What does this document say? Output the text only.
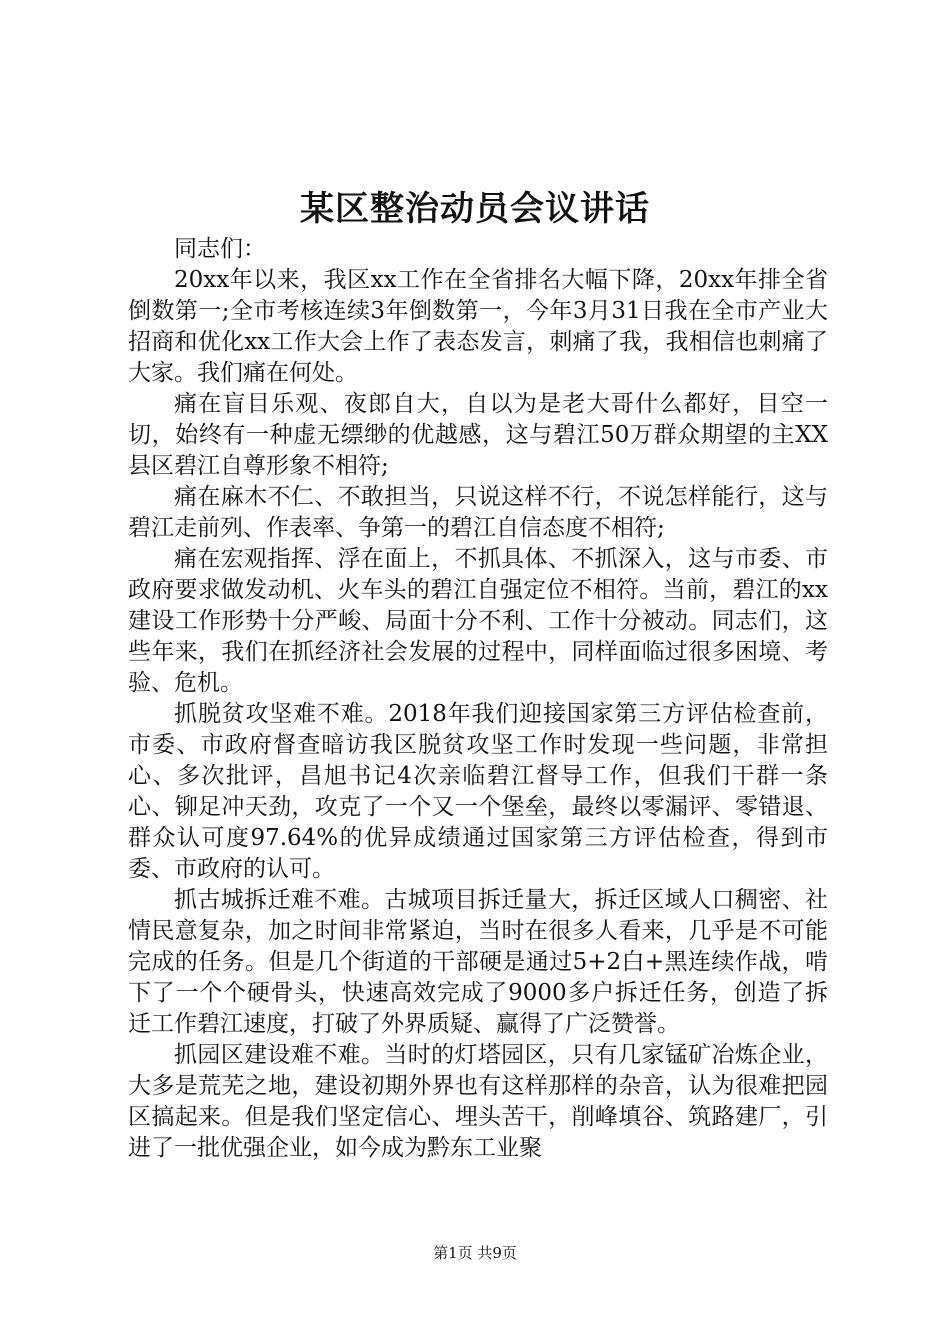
某区整治动员会议讲话

同志们：

20xx年以来，我区xx工作在全省排名大幅下降，20xx年排全省倒数第一;全市考核连续3年倒数第一，今年3月31日我在全市产业大招商和优化xx工作大会上作了表态发言，刺痛了我，我相信也刺痛了大家。我们痛在何处。

痛在盲目乐观、夜郎自大，自以为是老大哥什么都好，目空一切，始终有一种虚无缥缈的优越感，这与碧江50万群众期望的主XX县区碧江自尊形象不相符;

痛在麻木不仁、不敢担当，只说这样不行，不说怎样能行，这与碧江走前列、作表率、争第一的碧江自信态度不相符;

痛在宏观指挥、浮在面上，不抓具体、不抓深入，这与市委、市政府要求做发动机、火车头的碧江自强定位不相符。当前，碧江的xx建设工作形势十分严峻、局面十分不利、工作十分被动。同志们，这些年来，我们在抓经济社会发展的过程中，同样面临过很多困境、考验、危机。

抓脱贫攻坚难不难。2018年我们迎接国家第三方评估检查前，市委、市政府督查暗访我区脱贫攻坚工作时发现一些问题，非常担心、多次批评，昌旭书记4次亲临碧江督导工作，但我们干群一条心、铆足冲天劲，攻克了一个又一个堡垒，最终以零漏评、零错退、群众认可度97.64%的优异成绩通过国家第三方评估检查，得到市委、市政府的认可。

抓古城拆迁难不难。古城项目拆迁量大，拆迁区域人口稠密、社情民意复杂，加之时间非常紧迫，当时在很多人看来，几乎是不可能完成的任务。但是几个街道的干部硬是通过5+2白+黑连续作战，啃下了一个个硬骨头，快速高效完成了9000多户拆迁任务，创造了拆迁工作碧江速度，打破了外界质疑、赢得了广泛赞誉。

抓园区建设难不难。当时的灯塔园区，只有几家锰矿冶炼企业，大多是荒芜之地，建设初期外界也有这样那样的杂音，认为很难把园区搞起来。但是我们坚定信心、埋头苦干，削峰填谷、筑路建厂，引进了一批优强企业，如今成为黔东工业聚

第1页 共9页
